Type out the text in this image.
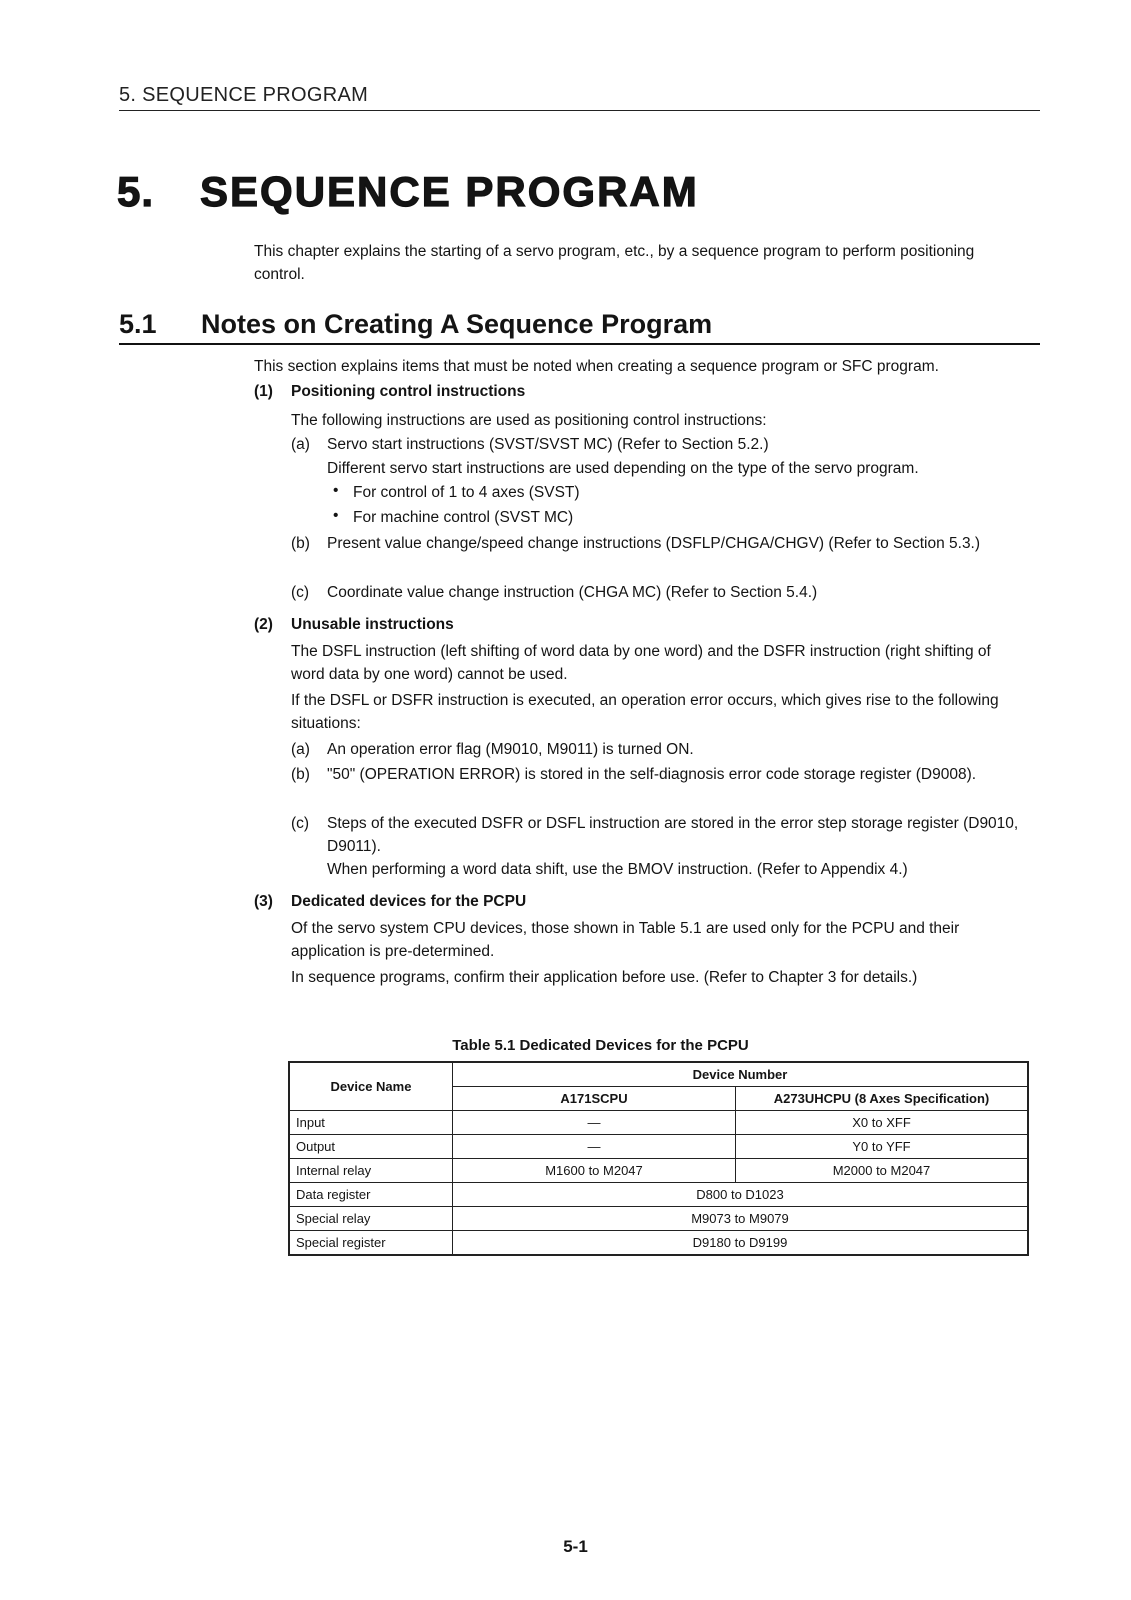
5. SEQUENCE PROGRAM
5. SEQUENCE PROGRAM
This chapter explains the starting of a servo program, etc., by a sequence program to perform positioning control.
5.1 Notes on Creating A Sequence Program
This section explains items that must be noted when creating a sequence program or SFC program.
(1) Positioning control instructions
The following instructions are used as positioning control instructions:
(a) Servo start instructions (SVST/SVST MC) (Refer to Section 5.2.)
Different servo start instructions are used depending on the type of the servo program.
• For control of 1 to 4 axes (SVST)
• For machine control (SVST MC)
(b) Present value change/speed change instructions (DSFLP/CHGA/CHGV) (Refer to Section 5.3.)
(c) Coordinate value change instruction (CHGA MC) (Refer to Section 5.4.)
(2) Unusable instructions
The DSFL instruction (left shifting of word data by one word) and the DSFR instruction (right shifting of word data by one word) cannot be used.
If the DSFL or DSFR instruction is executed, an operation error occurs, which gives rise to the following situations:
(a) An operation error flag (M9010, M9011) is turned ON.
(b) "50" (OPERATION ERROR) is stored in the self-diagnosis error code storage register (D9008).
(c) Steps of the executed DSFR or DSFL instruction are stored in the error step storage register (D9010, D9011).
When performing a word data shift, use the BMOV instruction. (Refer to Appendix 4.)
(3) Dedicated devices for the PCPU
Of the servo system CPU devices, those shown in Table 5.1 are used only for the PCPU and their application is pre-determined.
In sequence programs, confirm their application before use. (Refer to Chapter 3 for details.)
Table 5.1 Dedicated Devices for the PCPU
Device Name	Device Number	
	A171SCPU	A273UHCPU (8 Axes Specification)
Input	—	X0 to XFF
Output	—	Y0 to YFF
Internal relay	M1600 to M2047	M2000 to M2047
Data register	D800 to D1023	
Special relay	M9073 to M9079	
Special register	D9180 to D9199	
5-1
